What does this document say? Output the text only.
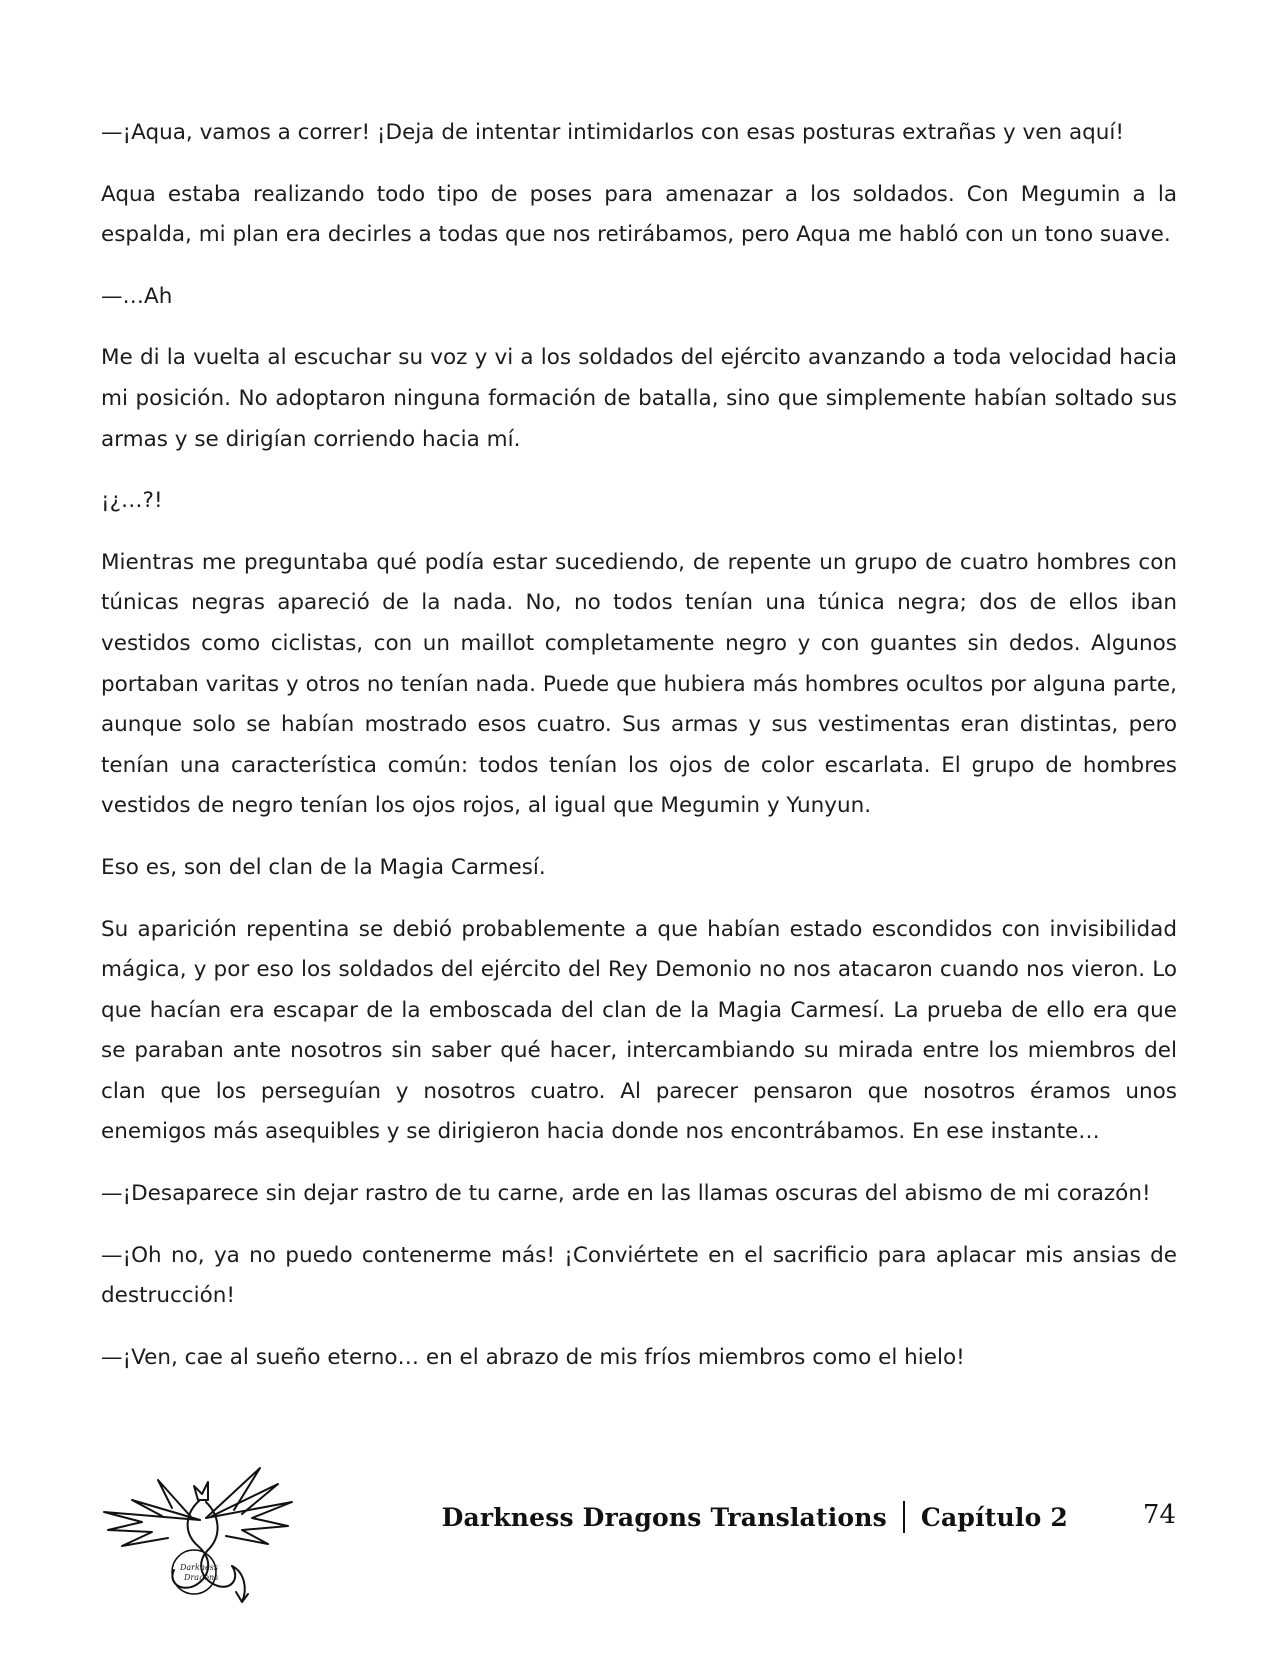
—¡Aqua, vamos a correr! ¡Deja de intentar intimidarlos con esas posturas extrañas y ven aquí!

Aqua estaba realizando todo tipo de poses para amenazar a los soldados. Con Megumin a la espalda, mi plan era decirles a todas que nos retirábamos, pero Aqua me habló con un tono suave.

—…Ah

Me di la vuelta al escuchar su voz y vi a los soldados del ejército avanzando a toda velocidad hacia mi posición. No adoptaron ninguna formación de batalla, sino que simplemente habían soltado sus armas y se dirigían corriendo hacia mí.

¡¿…?!

Mientras me preguntaba qué podía estar sucediendo, de repente un grupo de cuatro hombres con túnicas negras apareció de la nada. No, no todos tenían una túnica negra; dos de ellos iban vestidos como ciclistas, con un maillot completamente negro y con guantes sin dedos. Algunos portaban varitas y otros no tenían nada. Puede que hubiera más hombres ocultos por alguna parte, aunque solo se habían mostrado esos cuatro. Sus armas y sus vestimentas eran distintas, pero tenían una característica común: todos tenían los ojos de color escarlata. El grupo de hombres vestidos de negro tenían los ojos rojos, al igual que Megumin y Yunyun.

Eso es, son del clan de la Magia Carmesí.

Su aparición repentina se debió probablemente a que habían estado escondidos con invisibilidad mágica, y por eso los soldados del ejército del Rey Demonio no nos atacaron cuando nos vieron. Lo que hacían era escapar de la emboscada del clan de la Magia Carmesí. La prueba de ello era que se paraban ante nosotros sin saber qué hacer, intercambiando su mirada entre los miembros del clan que los perseguían y nosotros cuatro. Al parecer pensaron que nosotros éramos unos enemigos más asequibles y se dirigieron hacia donde nos encontrábamos. En ese instante…

—¡Desaparece sin dejar rastro de tu carne, arde en las llamas oscuras del abismo de mi corazón!

—¡Oh no, ya no puedo contenerme más! ¡Conviértete en el sacrificio para aplacar mis ansias de destrucción!

—¡Ven, cae al sueño eterno… en el abrazo de mis fríos miembros como el hielo!

Darkness
Dragons
Darkness Dragons Translations Capítulo 2	74
